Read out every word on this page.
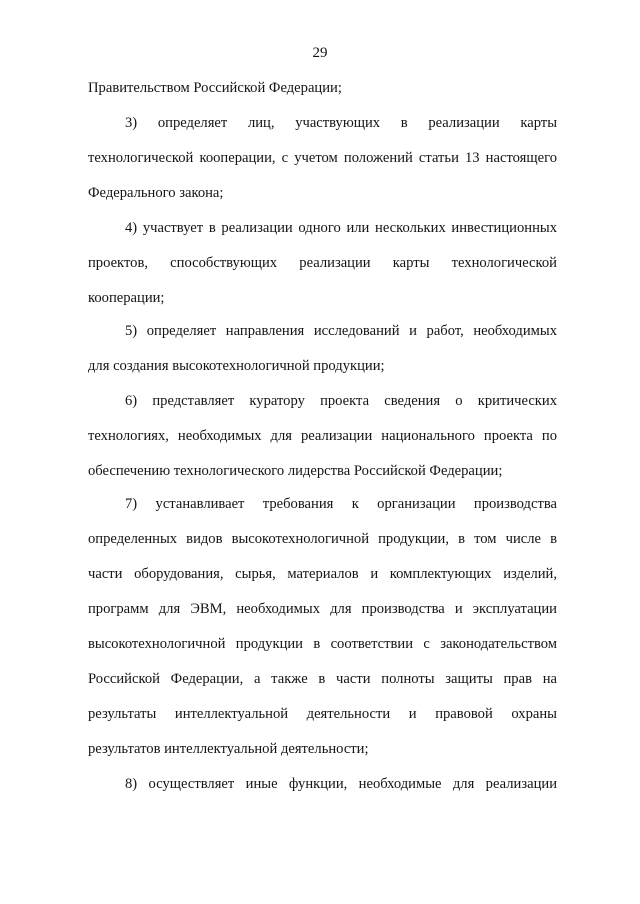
29
Правительством Российской Федерации;
3) определяет лиц, участвующих в реализации карты
технологической кооперации, с учетом положений статьи 13 настоящего
Федерального закона;
4) участвует в реализации одного или нескольких инвестиционных
проектов, способствующих реализации карты технологической
кооперации;
5) определяет направления исследований и работ, необходимых
для создания высокотехнологичной продукции;
6) представляет куратору проекта сведения о критических
технологиях, необходимых для реализации национального проекта по
обеспечению технологического лидерства Российской Федерации;
7) устанавливает требования к организации производства
определенных видов высокотехнологичной продукции, в том числе в
части оборудования, сырья, материалов и комплектующих изделий,
программ для ЭВМ, необходимых для производства и эксплуатации
высокотехнологичной продукции в соответствии с законодательством
Российской Федерации, а также в части полноты защиты прав на
результаты интеллектуальной деятельности и правовой охраны
результатов интеллектуальной деятельности;
8) осуществляет иные функции, необходимые для реализации
